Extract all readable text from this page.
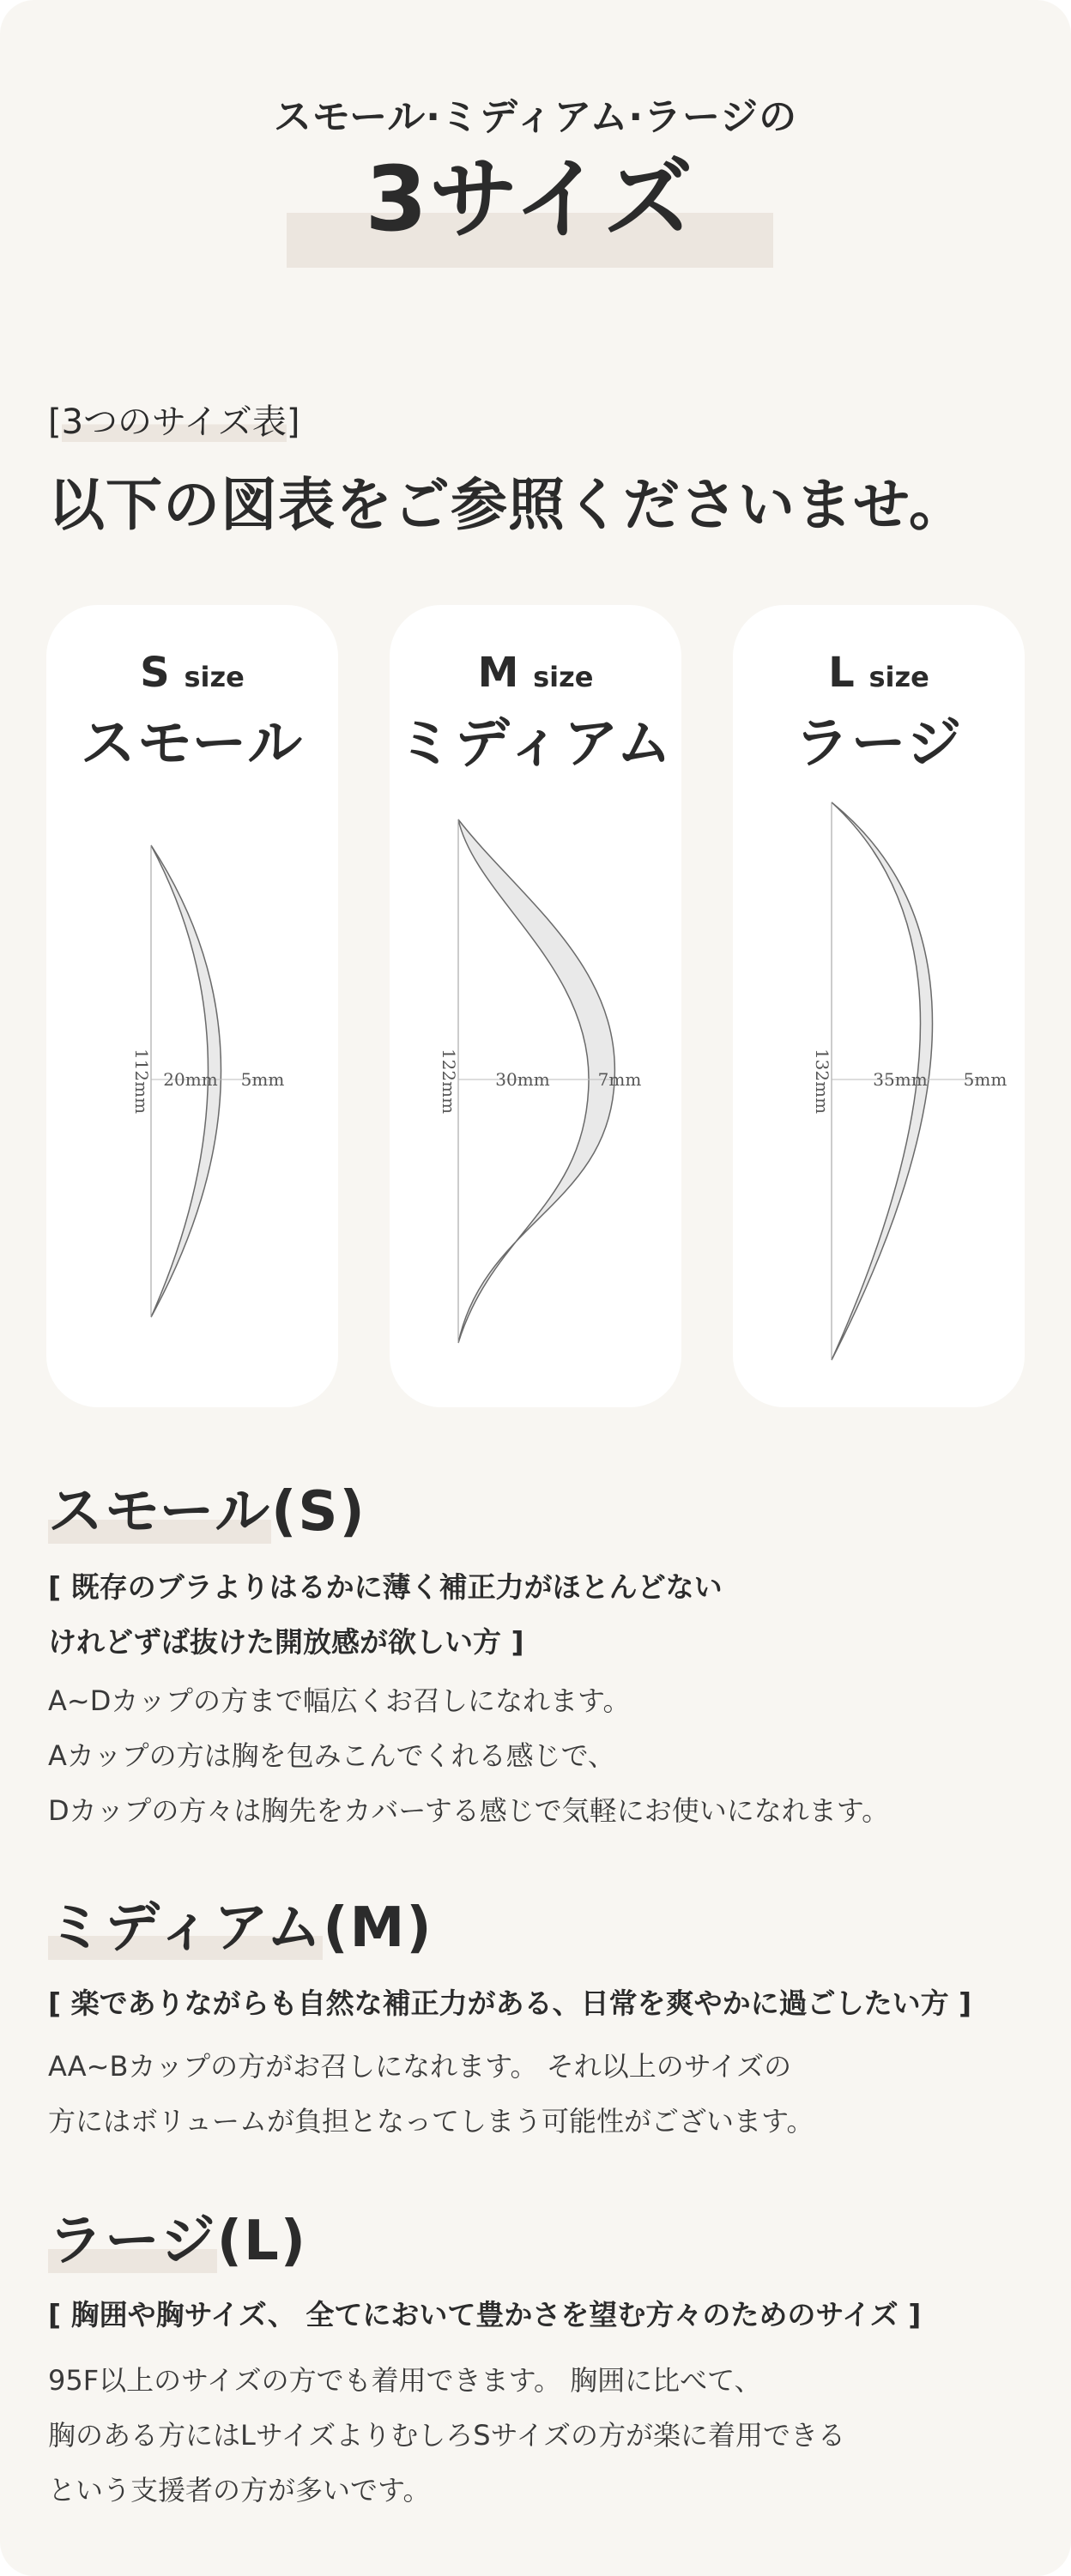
スモール·ミディアム·ラージの
3サイズ
[3つのサイズ表]
以下の図表をご参照くださいませ。
S size
スモール
112mm 20mm 5mm
M size
ミディアム
122mm 30mm	7mm
L size
ラージ
132mm 35mm 5mm
スモール(S)
[ 既存のブラよりはるかに薄く補正力がほとんどない
けれどずば抜けた開放感が欲しい方 ]
A~Dカップの方まで幅広くお召しになれます。
Aカップの方は胸を包みこんでくれる感じで、
Dカップの方々は胸先をカバーする感じで気軽にお使いになれます。
ミディアム(M)
[ 楽でありながらも自然な補正力がある、日常を爽やかに過ごしたい方 ]
AA~Bカップの方がお召しになれます。 それ以上のサイズの
方にはボリュームが負担となってしまう可能性がございます。
ラージ(L)
[ 胸囲や胸サイズ、 全てにおいて豊かさを望む方々のためのサイズ ]
95F以上のサイズの方でも着用できます。 胸囲に比べて、
胸のある方にはLサイズよりむしろSサイズの方が楽に着用できる
という支援者の方が多いです。
